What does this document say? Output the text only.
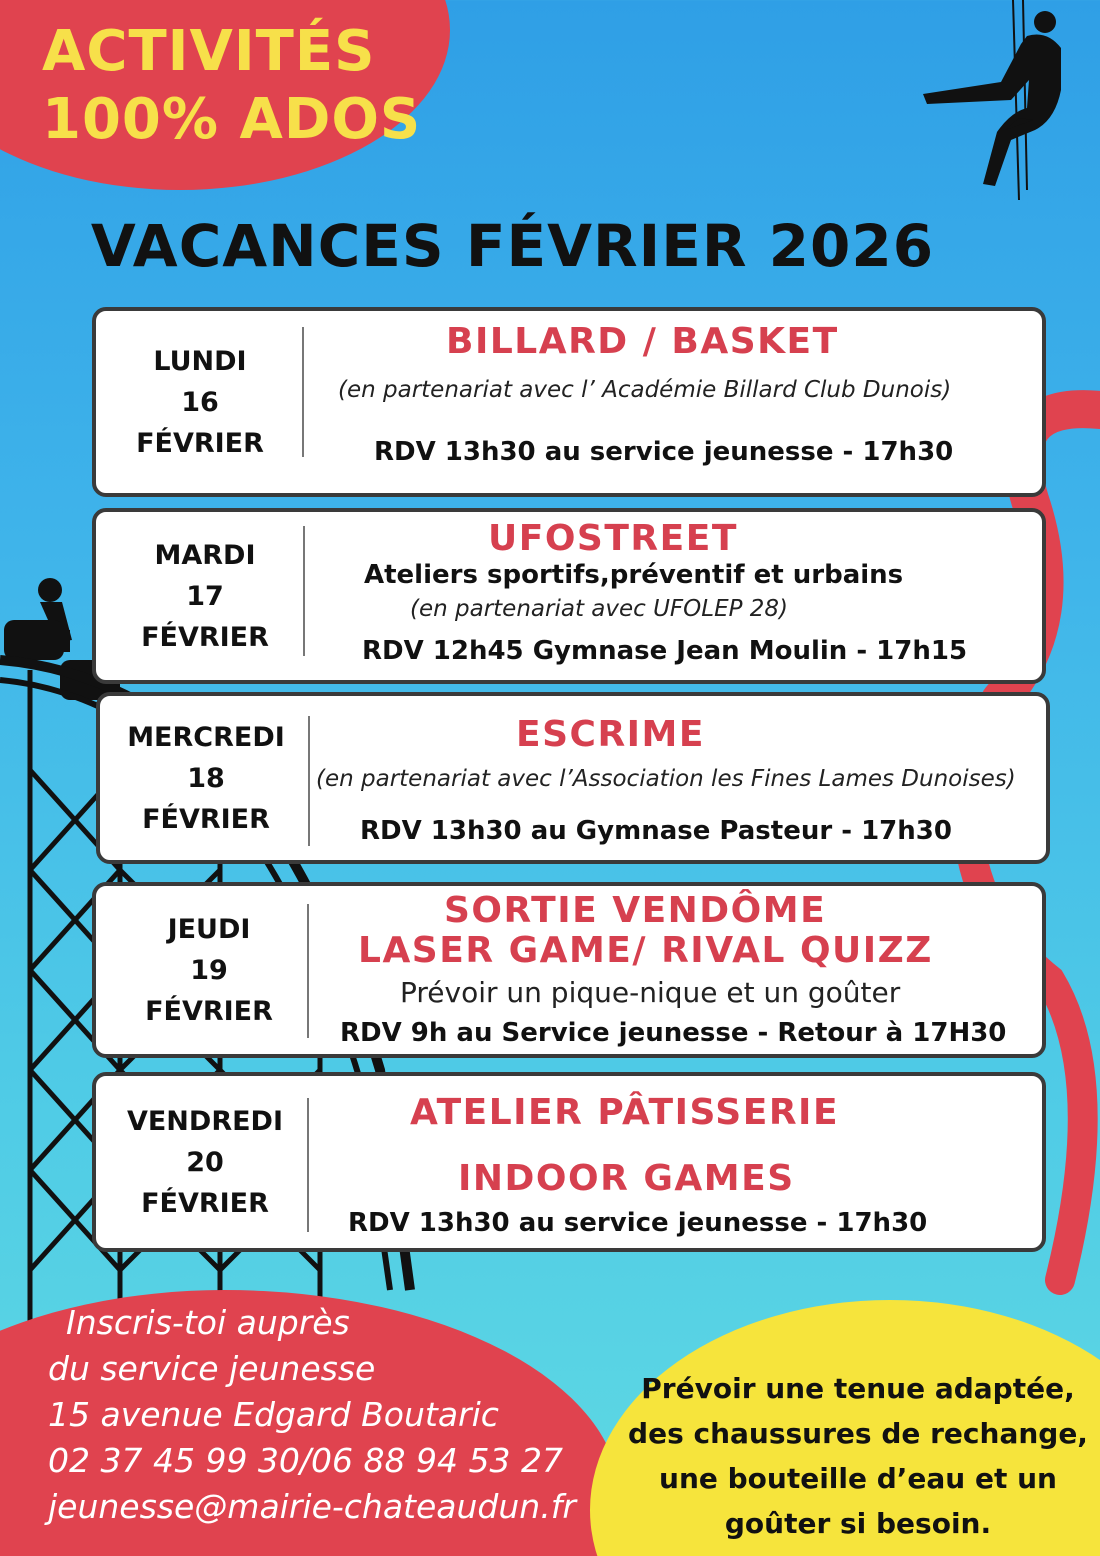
ACTIVITÉS
100% ADOS
VACANCES FÉVRIER 2026
LUNDI
16
FÉVRIER
BILLARD / BASKET
(en partenariat avec l’ Académie Billard Club Dunois)
RDV 13h30 au service jeunesse - 17h30
MARDI
17
FÉVRIER
UFOSTREET
Ateliers sportifs,préventif et urbains
(en partenariat avec UFOLEP 28)
RDV 12h45 Gymnase Jean Moulin - 17h15
MERCREDI
18
FÉVRIER
ESCRIME
(en partenariat avec l’Association les Fines Lames Dunoises)
RDV 13h30 au Gymnase Pasteur - 17h30
JEUDI
19
FÉVRIER
SORTIE VENDÔME
LASER GAME/ RIVAL QUIZZ
Prévoir un pique-nique et un goûter
RDV 9h au Service jeunesse - Retour à 17H30
VENDREDI
20
FÉVRIER
ATELIER PÂTISSERIE
INDOOR GAMES
RDV 13h30 au service jeunesse - 17h30
Inscris-toi auprès
du service jeunesse
15 avenue Edgard Boutaric
02 37 45 99 30/06 88 94 53 27
jeunesse@mairie-chateaudun.fr
Prévoir une tenue adaptée,
des chaussures de rechange,
une bouteille d’eau et un
goûter si besoin.
